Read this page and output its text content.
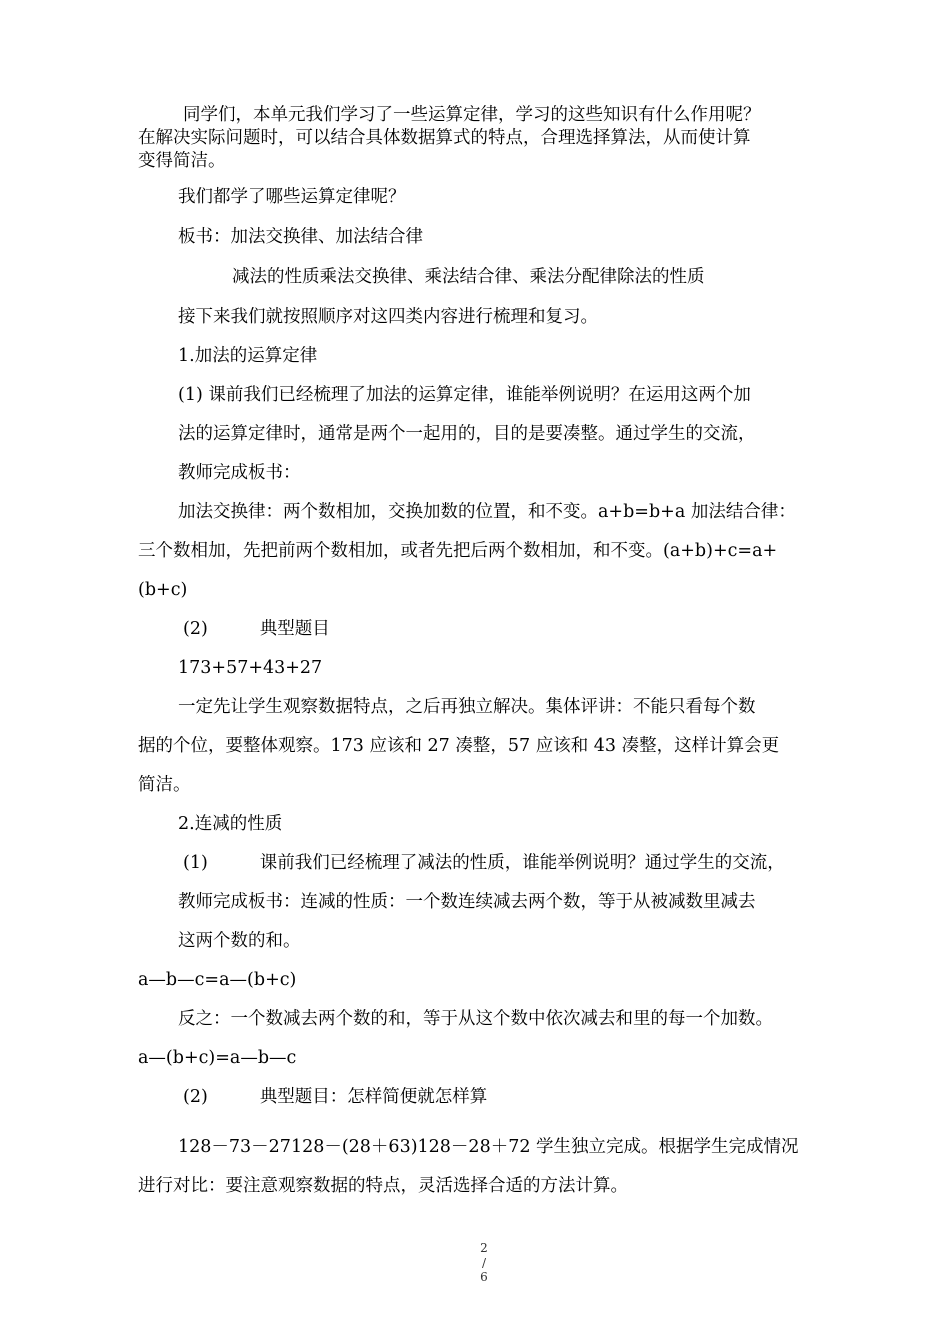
同学们，本单元我们学习了一些运算定律，学习的这些知识有什么作用呢？
在解决实际问题时，可以结合具体数据算式的特点，合理选择算法，从而使计算
变得简洁。
我们都学了哪些运算定律呢？
板书：加法交换律、加法结合律
减法的性质乘法交换律、乘法结合律、乘法分配律除法的性质
接下来我们就按照顺序对这四类内容进行梳理和复习。
1.加法的运算定律
(1) 课前我们已经梳理了加法的运算定律，谁能举例说明？在运用这两个加
法的运算定律时，通常是两个一起用的，目的是要凑整。通过学生的交流，
教师完成板书：
加法交换律：两个数相加，交换加数的位置，和不变。a+b=b+a 加法结合律：
三个数相加，先把前两个数相加，或者先把后两个数相加，和不变。(a+b)+c=a+
(b+c)
(2)	典型题目
173+57+43+27
一定先让学生观察数据特点，之后再独立解决。集体评讲：不能只看每个数
据的个位，要整体观察。173 应该和 27 凑整，57 应该和 43 凑整，这样计算会更
简洁。
2.连减的性质
(1)	课前我们已经梳理了减法的性质，谁能举例说明？通过学生的交流，
教师完成板书：连减的性质：一个数连续减去两个数，等于从被减数里减去
这两个数的和。
a—b—c=a—(b+c)
反之：一个数减去两个数的和，等于从这个数中依次减去和里的每一个加数。
a—(b+c)=a—b—c
(2)	典型题目：怎样简便就怎样算
128－73－27128－(28＋63)128－28＋72 学生独立完成。根据学生完成情况
进行对比：要注意观察数据的特点，灵活选择合适的方法计算。
2
/
6
